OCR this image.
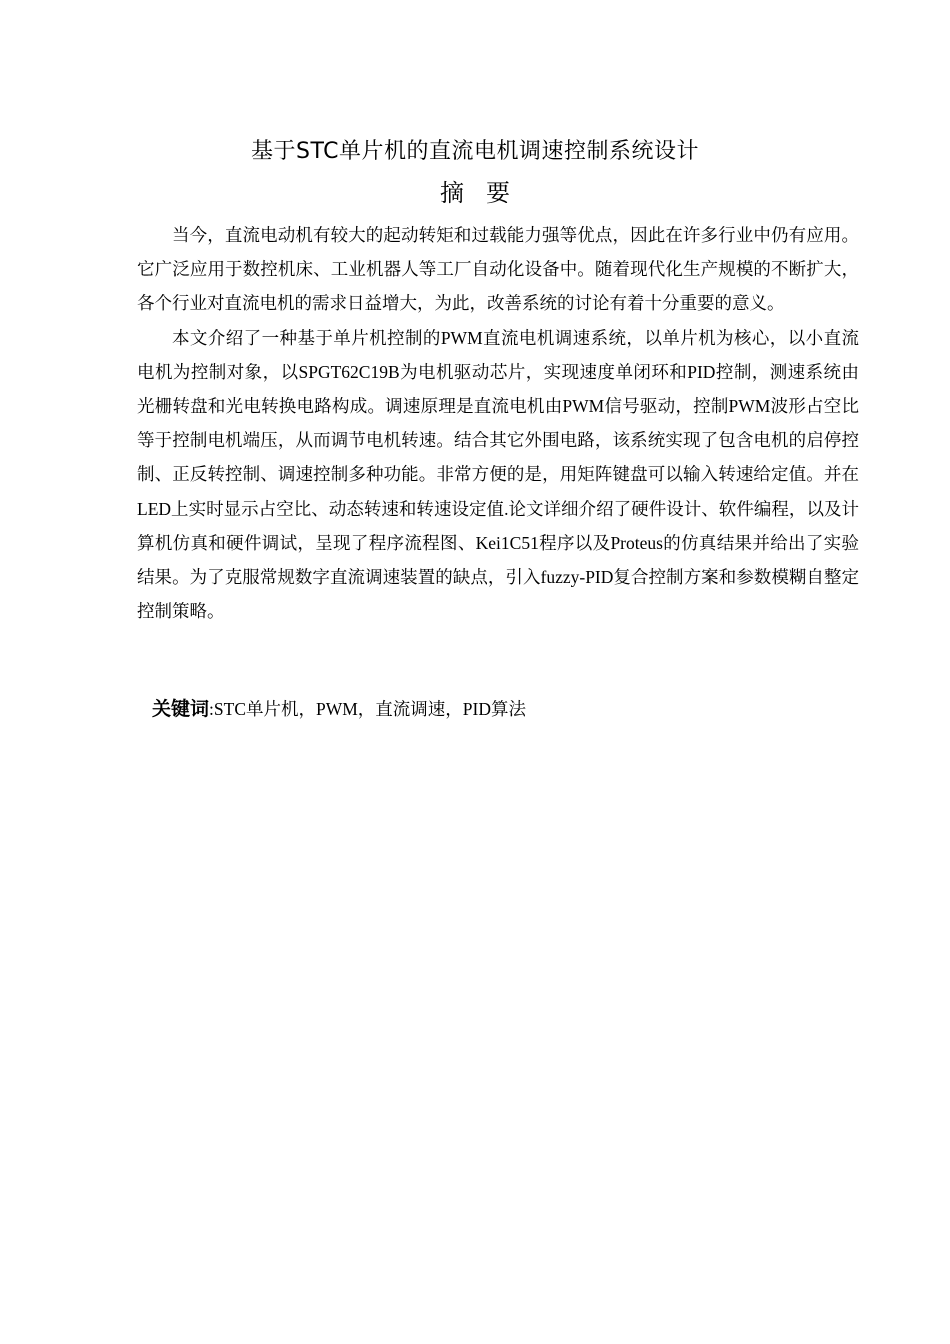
基于STC单片机的直流电机调速控制系统设计
摘要

当今，直流电动机有较大的起动转矩和过载能力强等优点，因此在许多行业中仍有应用。它广泛应用于数控机床、工业机器人等工厂自动化设备中。随着现代化生产规模的不断扩大，各个行业对直流电机的需求日益增大，为此，改善系统的讨论有着十分重要的意义。

本文介绍了一种基于单片机控制的PWM直流电机调速系统，以单片机为核心，以小直流电机为控制对象，以SPGT62C19B为电机驱动芯片，实现速度单闭环和PID控制，测速系统由光栅转盘和光电转换电路构成。调速原理是直流电机由PWM信号驱动，控制PWM波形占空比等于控制电机端压，从而调节电机转速。结合其它外围电路，该系统实现了包含电机的启停控制、正反转控制、调速控制多种功能。非常方便的是，用矩阵键盘可以输入转速给定值。并在LED上实时显示占空比、动态转速和转速设定值.论文详细介绍了硬件设计、软件编程，以及计算机仿真和硬件调试，呈现了程序流程图、Kei1C51程序以及Proteus的仿真结果并给出了实验结果。为了克服常规数字直流调速装置的缺点，引入fuzzy-PID复合控制方案和参数模糊自整定控制策略。

关键词:STC单片机，PWM，直流调速，PID算法
